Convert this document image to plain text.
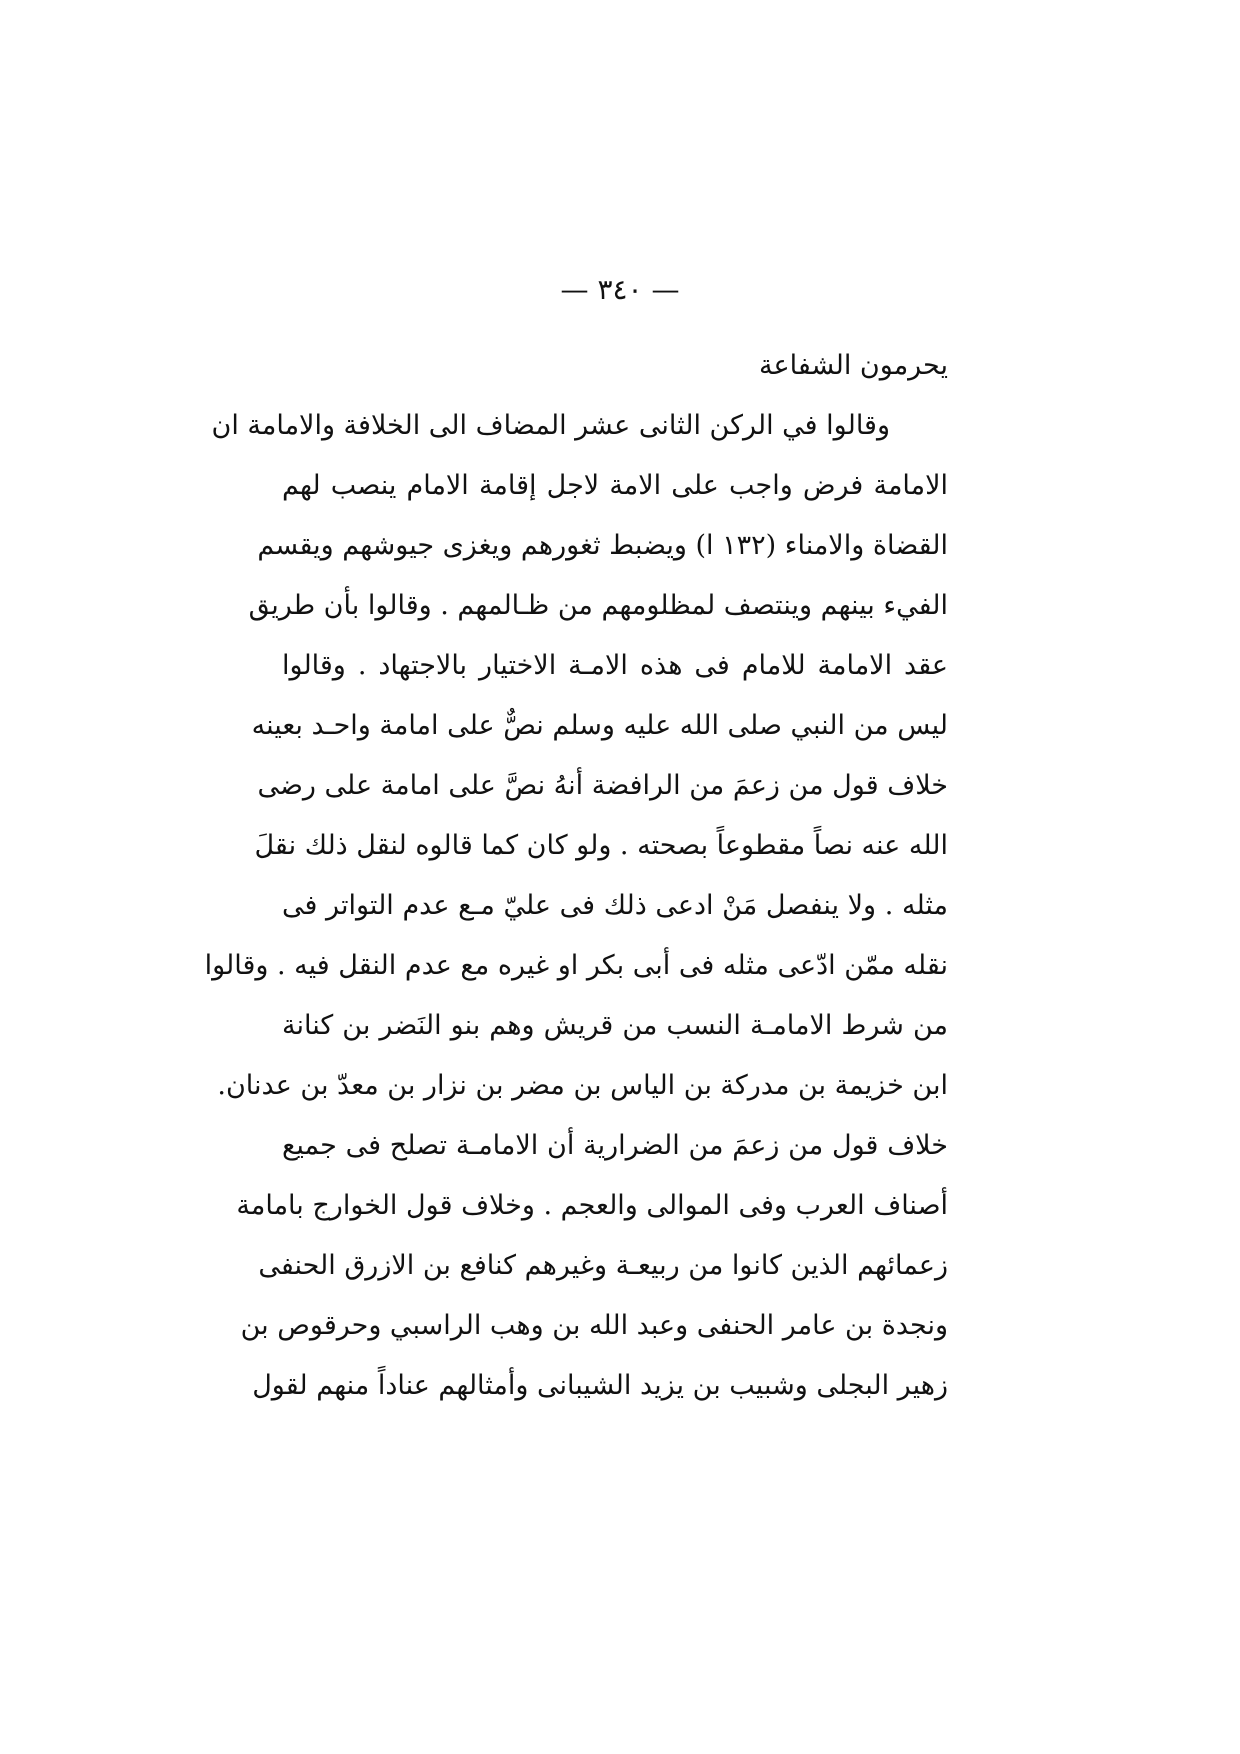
— ٣٤٠ —
يحرمون الشفاعة
وقالوا في الركن الثانى عشر المضاف الى الخلافة والامامة ان
الامامة فرض واجب على الامة لاجل إقامة الامام ينصب لهم
القضاة والامناء (١٣٢ ا) ويضبط ثغورهم ويغزى جيوشهم ويقسم
الفيء بينهم وينتصف لمظلومهم من ظـالمهم . وقالوا بأن طريق
عقد الامامة للامام فى هذه الامـة الاختيار بالاجتهاد . وقالوا
ليس من النبي صلى الله عليه وسلم نصٌّ على امامة واحـد بعينه
خلاف قول من زعمَ من الرافضة أنهُ نصَّ على امامة على رضى
الله عنه نصاً مقطوعاً بصحته . ولو كان كما قالوه لنقل ذلك نقلَ
مثله . ولا ينفصل مَنْ ادعى ذلك فى عليّ مـع عدم التواتر فى
نقله ممّن ادّعى مثله فى أبى بكر او غيره مع عدم النقل فيه . وقالوا
من شرط الامامـة النسب من قريش وهم بنو النَضر بن كنانة
ابن خزيمة بن مدركة بن الياس بن مضر بن نزار بن معدّ بن عدنان.
خلاف قول من زعمَ من الضرارية أن الامامـة تصلح فى جميع
أصناف العرب وفى الموالى والعجم . وخلاف قول الخوارج بامامة
زعمائهم الذين كانوا من ربيعـة وغيرهم كنافع بن الازرق الحنفى
ونجدة بن عامر الحنفى وعبد الله بن وهب الراسبي وحرقوص بن
زهير البجلى وشبيب بن يزيد الشيبانى وأمثالهم عناداً منهم لقول
